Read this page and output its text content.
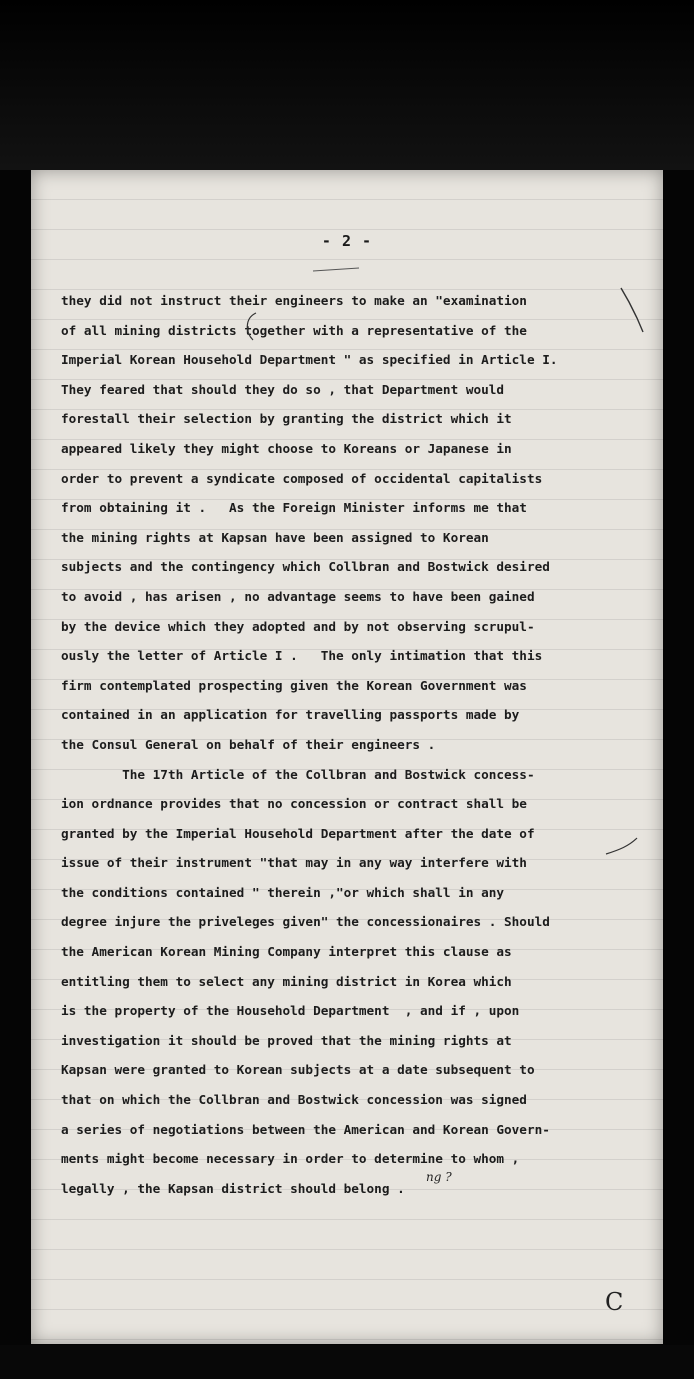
- 2 -
they did not instruct their engineers to make an "examination
of all mining districts together with a representative of the
Imperial Korean Household Department " as specified in Article I.
They feared that should they do so , that Department would
forestall their selection by granting the district which it
appeared likely they might choose to Koreans or Japanese in
order to prevent a syndicate composed of occidental capitalists
from obtaining it .   As the Foreign Minister informs me that
the mining rights at Kapsan have been assigned to Korean
subjects and the contingency which Collbran and Bostwick desired
to avoid , has arisen , no advantage seems to have been gained
by the device which they adopted and by not observing scrupul-
ously the letter of Article I .   The only intimation that this
firm contemplated prospecting given the Korean Government was
contained in an application for travelling passports made by
the Consul General on behalf of their engineers .
The 17th Article of the Collbran and Bostwick concess-
ion ordnance provides that no concession or contract shall be
granted by the Imperial Household Department after the date of
issue of their instrument "that may in any way interfere with
the conditions contained " therein ,"or which shall in any
degree injure the priveleges given" the concessionaires . Should
the American Korean Mining Company interpret this clause as
entitling them to select any mining district in Korea which
is the property of the Household Department  , and if , upon
investigation it should be proved that the mining rights at
Kapsan were granted to Korean subjects at a date subsequent to
that on which the Collbran and Bostwick concession was signed
a series of negotiations between the American and Korean Govern-
ments might become necessary in order to determine to whom ,
legally , the Kapsan district should belong .
ng ?
C
